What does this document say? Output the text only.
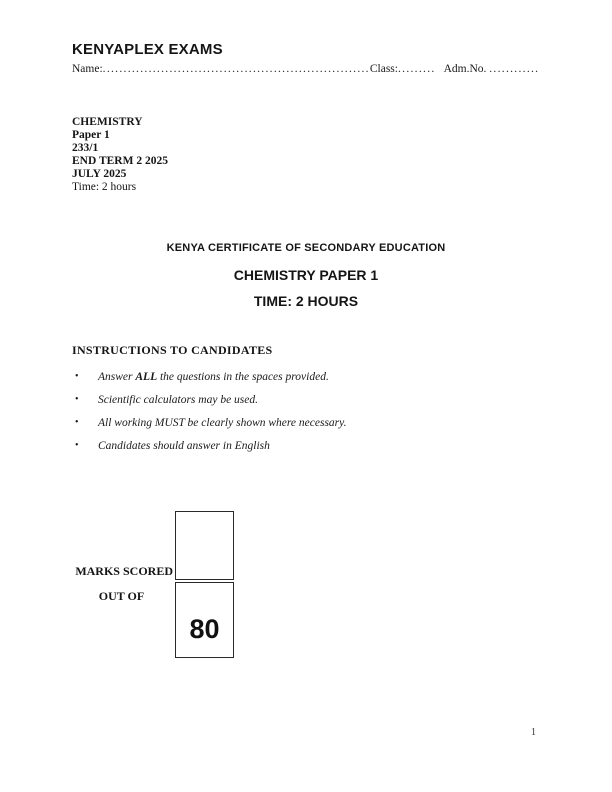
KENYAPLEX EXAMS
Name:................................................................Class:......... Adm.No. ............
CHEMISTRY
Paper 1
233/1
END TERM 2 2025
JULY 2025
Time: 2 hours
KENYA CERTIFICATE OF SECONDARY EDUCATION
CHEMISTRY PAPER 1
TIME: 2 HOURS
INSTRUCTIONS TO CANDIDATES
•	Answer ALL the questions in the spaces provided.
•	Scientific calculators may be used.
•	All working MUST be clearly shown where necessary.
•	Candidates should answer in English
MARKS SCORED
OUT OF
80
1
